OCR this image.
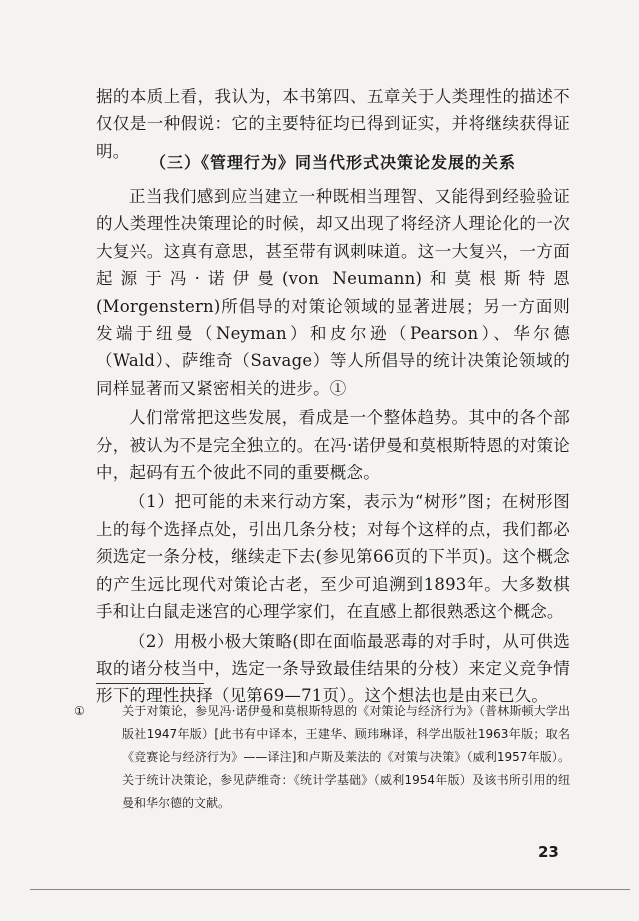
据的本质上看，我认为，本书第四、五章关于人类理性的描述不仅仅是一种假说：它的主要特征均已得到证实，并将继续获得证明。

（三）《管理行为》同当代形式决策论发展的关系

正当我们感到应当建立一种既相当理智、又能得到经验验证的人类理性决策理论的时候，却又出现了将经济人理论化的一次大复兴。这真有意思，甚至带有讽刺味道。这一大复兴，一方面起源于冯·诺伊曼(von Neumann)和莫根斯特恩(Morgenstern)所倡导的对策论领域的显著进展；另一方面则发端于纽曼（Neyman）和皮尔逊（Pearson）、华尔德（Wald）、萨维奇（Savage）等人所倡导的统计决策论领域的同样显著而又紧密相关的进步。①

人们常常把这些发展，看成是一个整体趋势。其中的各个部分，被认为不是完全独立的。在冯·诺伊曼和莫根斯特恩的对策论中，起码有五个彼此不同的重要概念。

（1）把可能的未来行动方案，表示为“树形”图；在树形图上的每个选择点处，引出几条分枝；对每个这样的点，我们都必须选定一条分枝，继续走下去(参见第66页的下半页)。这个概念的产生远比现代对策论古老，至少可追溯到1893年。大多数棋手和让白鼠走迷宫的心理学家们，在直感上都很熟悉这个概念。

（2）用极小极大策略(即在面临最恶毒的对手时，从可供选取的诸分枝当中，选定一条导致最佳结果的分枝）来定义竞争情形下的理性抉择（见第69—71页）。这个想法也是由来已久。

①	关于对策论，参见冯·诺伊曼和莫根斯特恩的《对策论与经济行为》（普林斯顿大学出版社1947年版）[此书有中译本，王建华、顾玮琳译，科学出版社1963年版；取名《竞赛论与经济行为》——译注]和卢斯及莱法的《对策与决策》（威利1957年版）。关于统计决策论，参见萨维奇：《统计学基础》（威利1954年版）及该书所引用的纽曼和华尔德的文献。
23
